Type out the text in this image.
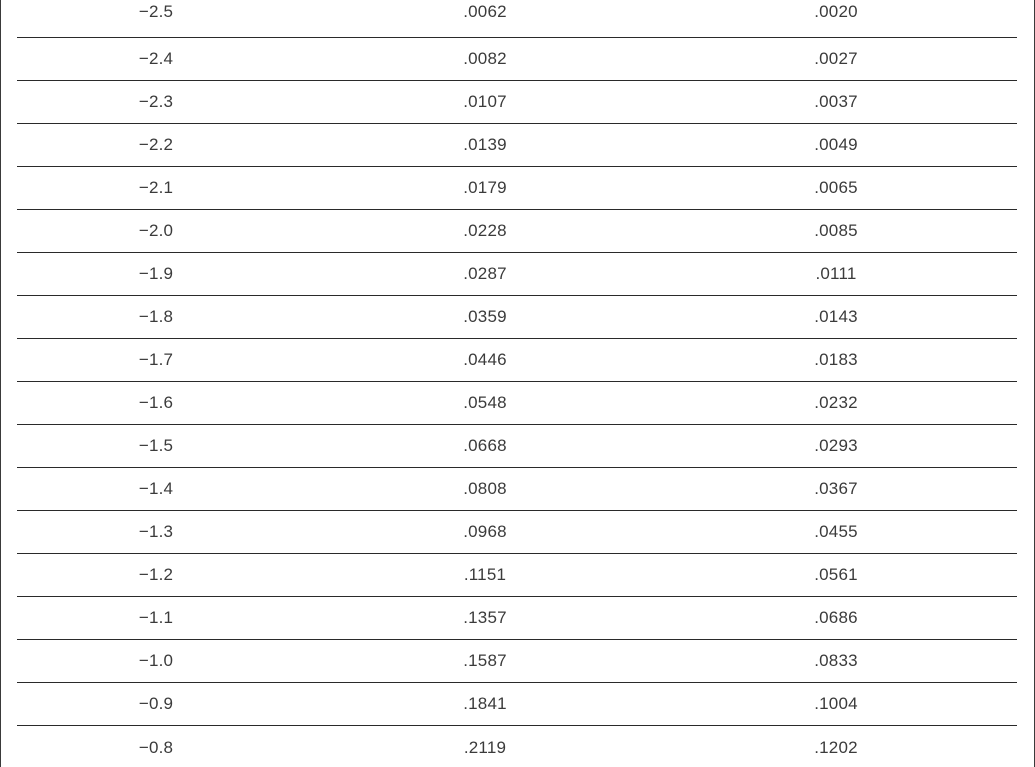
−2.5	.0062	.0020
−2.4	.0082	.0027
−2.3	.0107	.0037
−2.2	.0139	.0049
−2.1	.0179	.0065
−2.0	.0228	.0085
−1.9	.0287	.0111
−1.8	.0359	.0143
−1.7	.0446	.0183
−1.6	.0548	.0232
−1.5	.0668	.0293
−1.4	.0808	.0367
−1.3	.0968	.0455
−1.2	.1151	.0561
−1.1	.1357	.0686
−1.0	.1587	.0833
−0.9	.1841	.1004
−0.8	.2119	.1202
